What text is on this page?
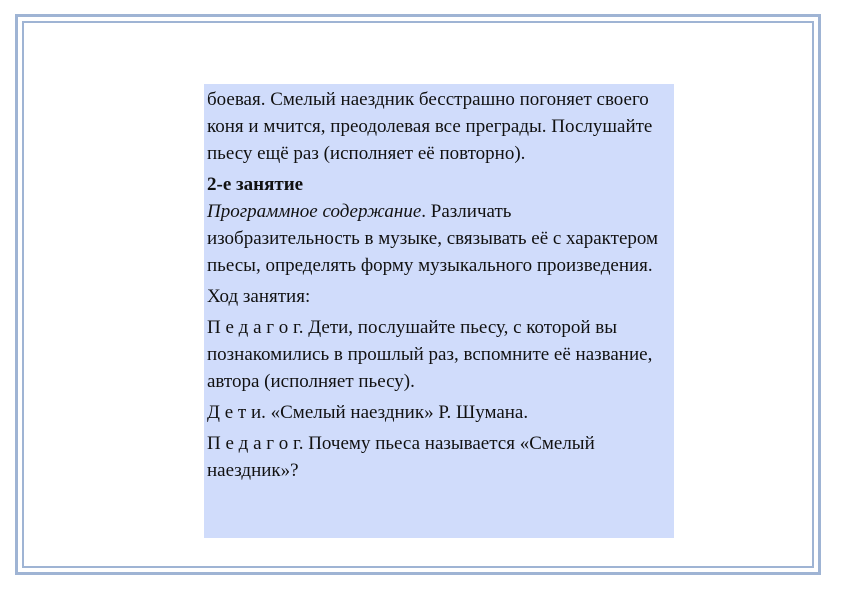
боевая. Смелый наездник бесстрашно погоняет своего коня и мчится, преодолевая все преграды. Послушайте пьесу ещё раз (исполняет её повторно).

2-е занятие

Программное содержание. Различать изобразительность в музыке, связывать её с характером пьесы, определять форму музыкального произведения.

Ход занятия:

П е д а г о г. Дети, послушайте пьесу, с которой вы познакомились в прошлый раз, вспомните её название, автора (исполняет пьесу).

Д е т и. «Смелый наездник» Р. Шумана.

П е д а г о г. Почему пьеса называется «Смелый наездник»?
